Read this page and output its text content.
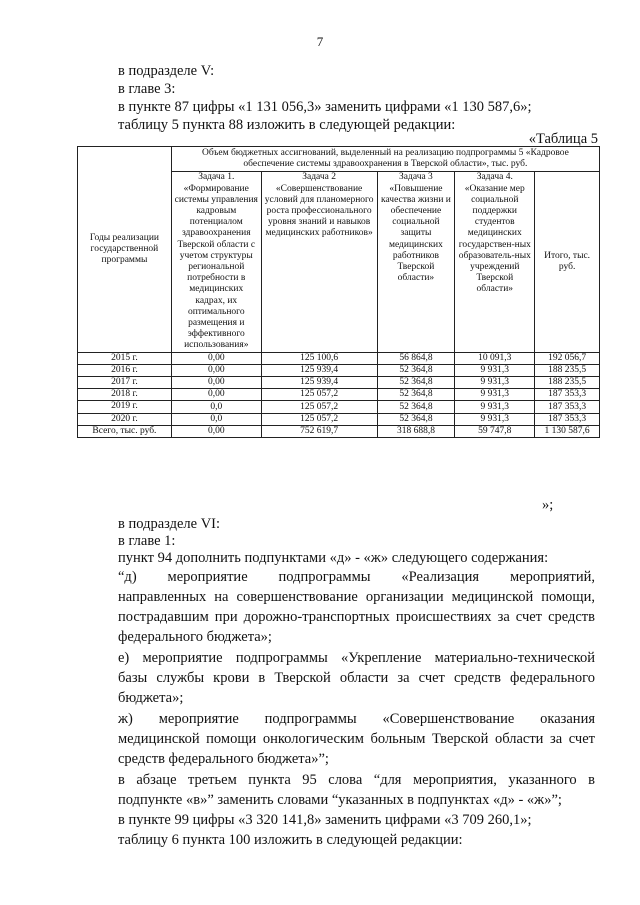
7
в подразделе V:
в главе 3:
в пункте 87 цифры «1 131 056,3» заменить цифрами «1 130 587,6»;
таблицу 5 пункта 88 изложить в следующей редакции:
«Таблица 5
Годы реализации государственной программы	Объем бюджетных ассигнований, выделенный на реализацию подпрограммы 5 «Кадровое обеспечение системы здравоохранения в Тверской области», тыс. руб.				
	Задача 1. «Формирование системы управления кадровым потенциалом здравоохранения Тверской области с учетом структуры региональной потребности в медицинских кадрах, их оптимального размещения и эффективного использования»	Задача 2 «Совершенствование условий для планомерного роста профессионального уровня знаний и навыков медицинских работников»	Задача 3 «Повышение качества жизни и обеспечение социальной защиты медицинских работников Тверской области»	Задача 4. «Оказание мер социальной поддержки студентов медицинских государствен-ных образователь-ных учреждений Тверской области»	Итого, тыс. руб.
2015 г.	0,00	125 100,6	56 864,8	10 091,3	192 056,7
2016 г.	0,00	125 939,4	52 364,8	9 931,3	188 235,5
2017 г.	0,00	125 939,4	52 364,8	9 931,3	188 235,5
2018 г.	0,00	125 057,2	52 364,8	9 931,3	187 353,3
2019 г.	0,0	125 057,2	52 364,8	9 931,3	187 353,3
2020 г.	0,0	125 057,2	52 364,8	9 931,3	187 353,3
Всего, тыс. руб.	0,00	752 619,7	318 688,8	59 747,8	1 130 587,6
»;
в подразделе VI:
в главе 1:
пункт 94 дополнить подпунктами «д» - «ж» следующего содержания:
“д) мероприятие подпрограммы «Реализация мероприятий,
направленных на совершенствование организации медицинской помощи,
пострадавшим при дорожно-транспортных происшествиях за счет средств
федерального бюджета»;
е) мероприятие подпрограммы «Укрепление материально-технической
базы службы крови в Тверской области за счет средств федерального
бюджета»;
ж) мероприятие подпрограммы «Совершенствование оказания
медицинской помощи онкологическим больным Тверской области за счет
средств федерального бюджета»”;
в абзаце третьем пункта 95 слова “для мероприятия, указанного в
подпункте «в»” заменить словами “указанных в подпунктах «д» - «ж»”;
в пункте 99 цифры «3 320 141,8» заменить цифрами «3 709 260,1»;
таблицу 6 пункта 100 изложить в следующей редакции:
